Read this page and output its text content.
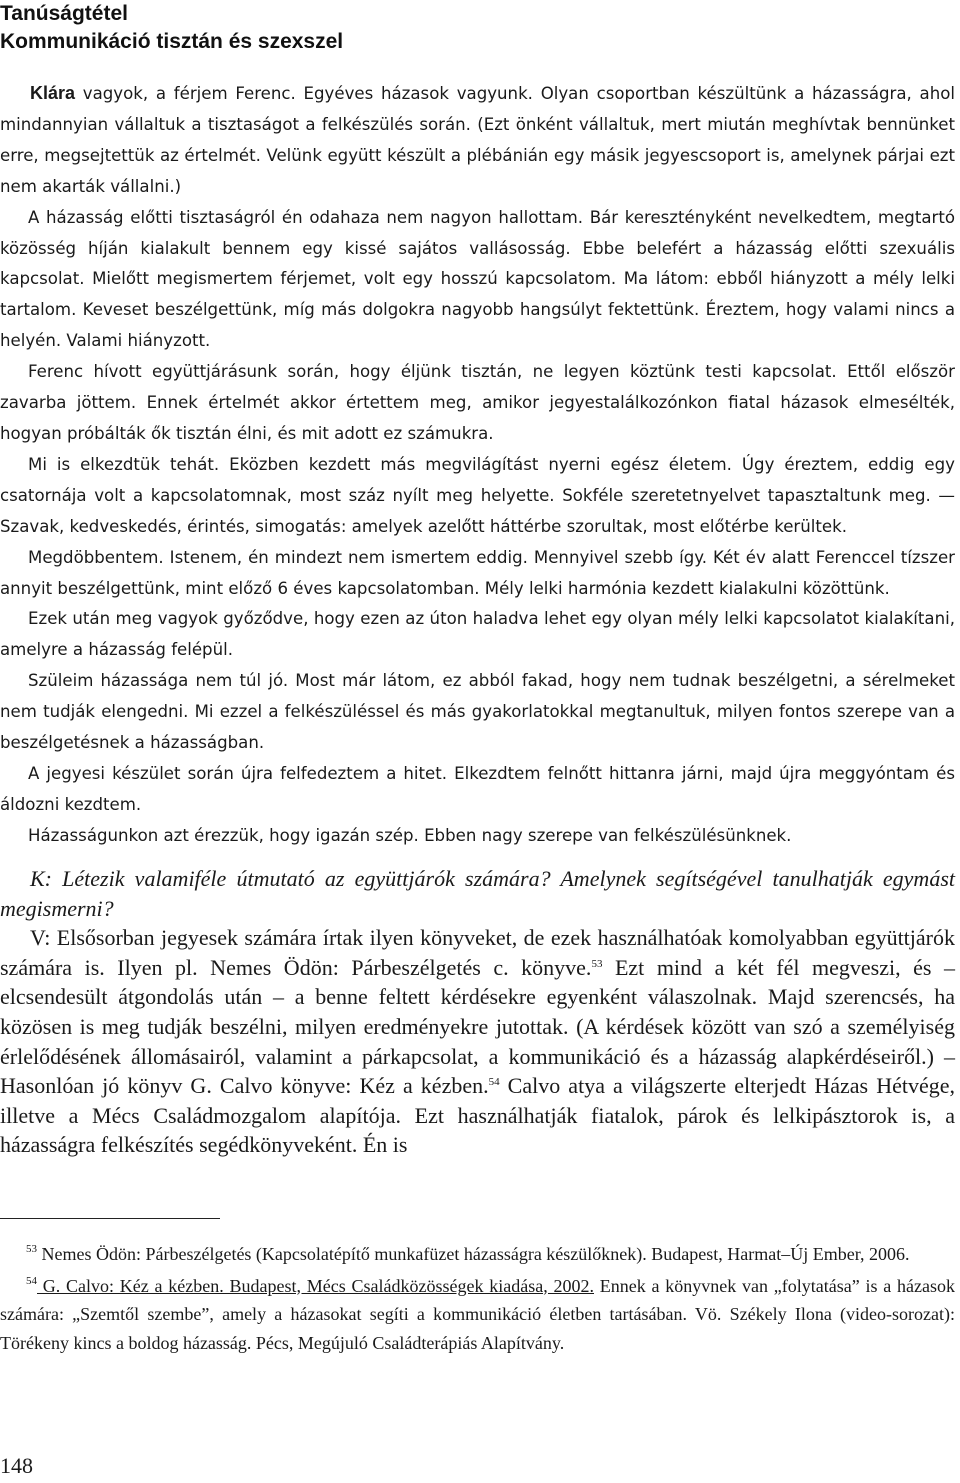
Tanúságtétel
Kommunikáció tisztán és szexszel

Klára vagyok, a férjem Ferenc. Egyéves házasok vagyunk. Olyan csoportban készültünk a házasságra, ahol mindannyian vállaltuk a tisztaságot a felkészülés során. (Ezt önként vállaltuk, mert miután meghívtak bennünket erre, megsejtettük az értelmét. Velünk együtt készült a plébánián egy másik jegyescsoport is, amelynek párjai ezt nem akarták vállalni.)

A házasság előtti tisztaságról én odahaza nem nagyon hallottam. Bár keresztényként nevelkedtem, megtartó közösség híján kialakult bennem egy kissé sajátos vallásosság. Ebbe belefért a házasság előtti szexuális kapcsolat. Mielőtt megismertem férjemet, volt egy hosszú kapcsolatom. Ma látom: ebből hiányzott a mély lelki tartalom. Keveset beszélgettünk, míg más dolgokra nagyobb hangsúlyt fektettünk. Éreztem, hogy valami nincs a helyén. Valami hiányzott.

Ferenc hívott együttjárásunk során, hogy éljünk tisztán, ne legyen köztünk testi kapcsolat. Ettől először zavarba jöttem. Ennek értelmét akkor értettem meg, amikor jegyestalálkozónkon fiatal házasok elmesélték, hogyan próbálták ők tisztán élni, és mit adott ez számukra.

Mi is elkezdtük tehát. Eközben kezdett más megvilágítást nyerni egész életem. Úgy éreztem, eddig egy csatornája volt a kapcsolatomnak, most száz nyílt meg helyette. Sokféle szeretetnyelvet tapasztaltunk meg. — Szavak, kedveskedés, érintés, simogatás: amelyek azelőtt háttérbe szorultak, most előtérbe kerültek.

Megdöbbentem. Istenem, én mindezt nem ismertem eddig. Mennyivel szebb így. Két év alatt Ferenccel tízszer annyit beszélgettünk, mint előző 6 éves kapcsolatomban. Mély lelki harmónia kezdett kialakulni közöttünk.

Ezek után meg vagyok győződve, hogy ezen az úton haladva lehet egy olyan mély lelki kapcsolatot kialakítani, amelyre a házasság felépül.

Szüleim házassága nem túl jó. Most már látom, ez abból fakad, hogy nem tudnak beszélgetni, a sérelmeket nem tudják elengedni. Mi ezzel a felkészüléssel és más gyakorlatokkal megtanultuk, milyen fontos szerepe van a beszélgetésnek a házasságban.

A jegyesi készület során újra felfedeztem a hitet. Elkezdtem felnőtt hittanra járni, majd újra meggyóntam és áldozni kezdtem.

Házasságunkon azt érezzük, hogy igazán szép. Ebben nagy szerepe van felkészülésünknek.

K: Létezik valamiféle útmutató az együttjárók számára? Amelynek segítségével tanulhatják egymást megismerni?

V: Elsősorban jegyesek számára írtak ilyen könyveket, de ezek használhatóak komolyabban együttjárók számára is. Ilyen pl. Nemes Ödön: Párbeszélgetés c. könyve.$^{53}$ Ezt mind a két fél megveszi, és – elcsendesült átgondolás után – a benne feltett kérdésekre egyenként válaszolnak. Majd szerencsés, ha közösen is meg tudják beszélni, milyen eredményekre jutottak. (A kérdések között van szó a személyiség érlelődésének állomásairól, valamint a párkapcsolat, a kommunikáció és a házasság alapkérdéseiről.) – Hasonlóan jó könyv G. Calvo könyve: Kéz a kézben.$^{54}$ Calvo atya a világszerte elterjedt Házas Hétvége, illetve a Mécs Családmozgalom alapítója. Ezt használhatják fiatalok, párok és lelkipásztorok is, a házasságra felkészítés segédkönyveként. Én is

$^{53}$ Nemes Ödön: Párbeszélgetés (Kapcsolatépítő munkafüzet házasságra készülőknek). Budapest, Harmat–Új Ember, 2006.

$^{54}$ G. Calvo: Kéz a kézben. Budapest, Mécs Családközösségek kiadása, 2002. Ennek a könyvnek van „folytatása” is a házasok számára: „Szemtől szembe”, amely a házasokat segíti a kommunikáció életben tartásában. Vö. Székely Ilona (video-sorozat): Törékeny kincs a boldog házasság. Pécs, Megújuló Családterápiás Alapítvány.

148
